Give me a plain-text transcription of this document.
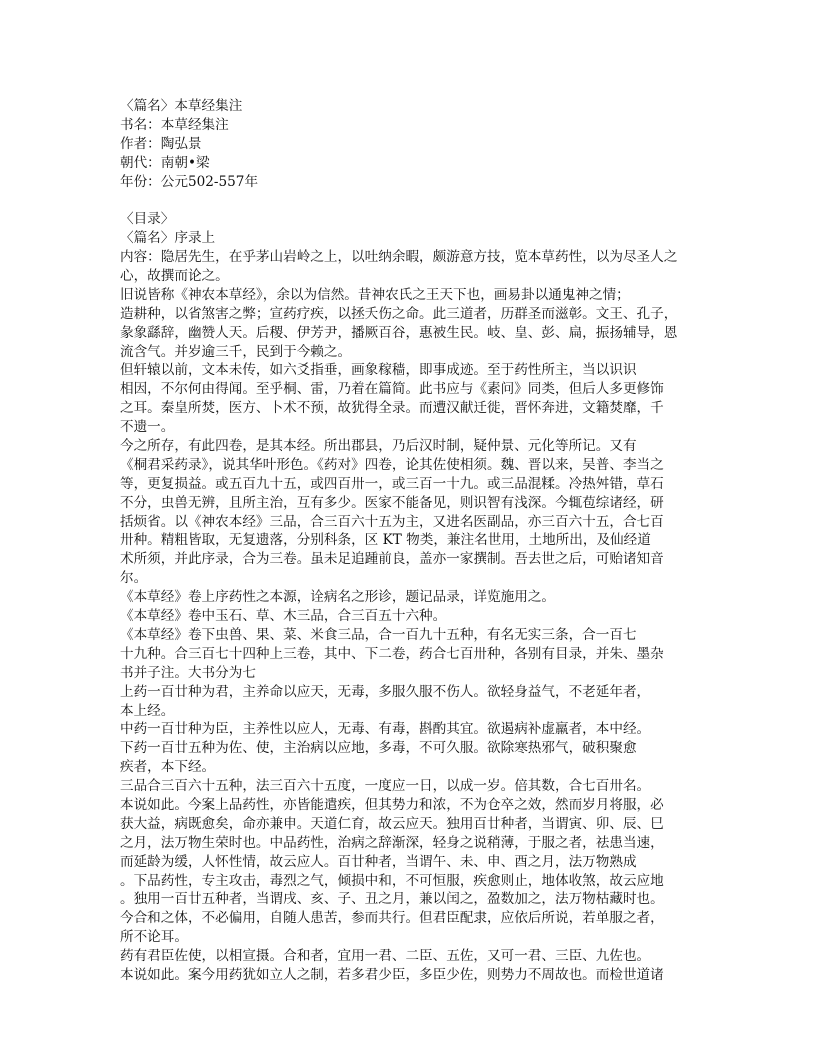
〈篇名〉本草经集注
书名：本草经集注
作者：陶弘景
朝代：南朝•梁
年份：公元502-557年
〈目录〉
〈篇名〉序录上
内容：隐居先生，在乎茅山岩岭之上，以吐纳余暇，颇游意方技，览本草药性，以为尽圣人之
心，故撰而论之。
旧说皆称《神农本草经》，余以为信然。昔神农氏之王天下也，画易卦以通鬼神之情；
造耕种，以省煞害之弊；宣药疗疾，以拯夭伤之命。此三道者，历群圣而滋彰。文王、孔子，
彖象繇辞，幽赞人天。后稷、伊芳尹，播厥百谷，惠被生民。岐、皇、彭、扁，振扬辅导，恩
流含气。并岁逾三千，民到于今赖之。
但轩辕以前，文本未传，如六爻指垂，画象稼穑，即事成迹。至于药性所主，当以识识
相因，不尔何由得闻。至乎桐、雷，乃着在篇简。此书应与《素问》同类，但后人多更修饰
之耳。秦皇所焚，医方、卜术不预，故犹得全录。而遭汉献迁徙，晋怀奔进，文籍焚靡，千
不遗一。
今之所存，有此四卷，是其本经。所出郡县，乃后汉时制，疑仲景、元化等所记。又有
《桐君采药录》，说其华叶形色。《药对》四卷，论其佐使相须。魏、晋以来，吴普、李当之
等，更复损益。或五百九十五，或四百卅一，或三百一十九。或三品混糅。冷热舛错，草石
不分，虫兽无辨，且所主治，互有多少。医家不能备见，则识智有浅深。今辄苞综诸经，研
括烦省。以《神农本经》三品，合三百六十五为主，又进名医副品，亦三百六十五，合七百
卅种。精粗皆取，无复遗落，分别科条，区 KT 物类，兼注名世用，土地所出，及仙经道
术所须，并此序录，合为三卷。虽未足追踵前良，盖亦一家撰制。吾去世之后，可贻诸知音
尔。
《本草经》卷上序药性之本源，诠病名之形诊，题记品录，详览施用之。
《本草经》卷中玉石、草、木三品，合三百五十六种。
《本草经》卷下虫兽、果、菜、米食三品，合一百九十五种，有名无实三条，合一百七
十九种。合三百七十四种上三卷，其中、下二卷，药合七百卅种，各别有目录，并朱、墨杂
书并子注。大书分为七
上药一百廿种为君，主养命以应天，无毒，多服久服不伤人。欲轻身益气，不老延年者，
本上经。
中药一百廿种为臣，主养性以应人，无毒、有毒，斟酌其宜。欲遏病补虚羸者，本中经。
下药一百廿五种为佐、使，主治病以应地，多毒，不可久服。欲除寒热邪气，破积聚愈
疾者，本下经。
三品合三百六十五种，法三百六十五度，一度应一日，以成一岁。倍其数，合七百卅名。
本说如此。今案上品药性，亦皆能遣疾，但其势力和浓，不为仓卒之效，然而岁月将服，必
获大益，病既愈矣，命亦兼申。天道仁育，故云应天。独用百廿种者，当谓寅、卯、辰、巳
之月，法万物生荣时也。中品药性，治病之辞渐深，轻身之说稍薄，于服之者，祛患当速，
而延龄为缓，人怀性情，故云应人。百廿种者，当谓午、未、申、酉之月，法万物熟成
。下品药性，专主攻击，毒烈之气，倾损中和，不可恒服，疾愈则止，地体收煞，故云应地
。独用一百廿五种者，当谓戌、亥、子、丑之月，兼以闰之，盈数加之，法万物枯藏时也。
今合和之体，不必偏用，自随人患苦，参而共行。但君臣配隶，应依后所说，若单服之者，
所不论耳。
药有君臣佐使，以相宣摄。合和者，宜用一君、二臣、五佐，又可一君、三臣、九佐也。
本说如此。案今用药犹如立人之制，若多君少臣，多臣少佐，则势力不周故也。而检世道诸
